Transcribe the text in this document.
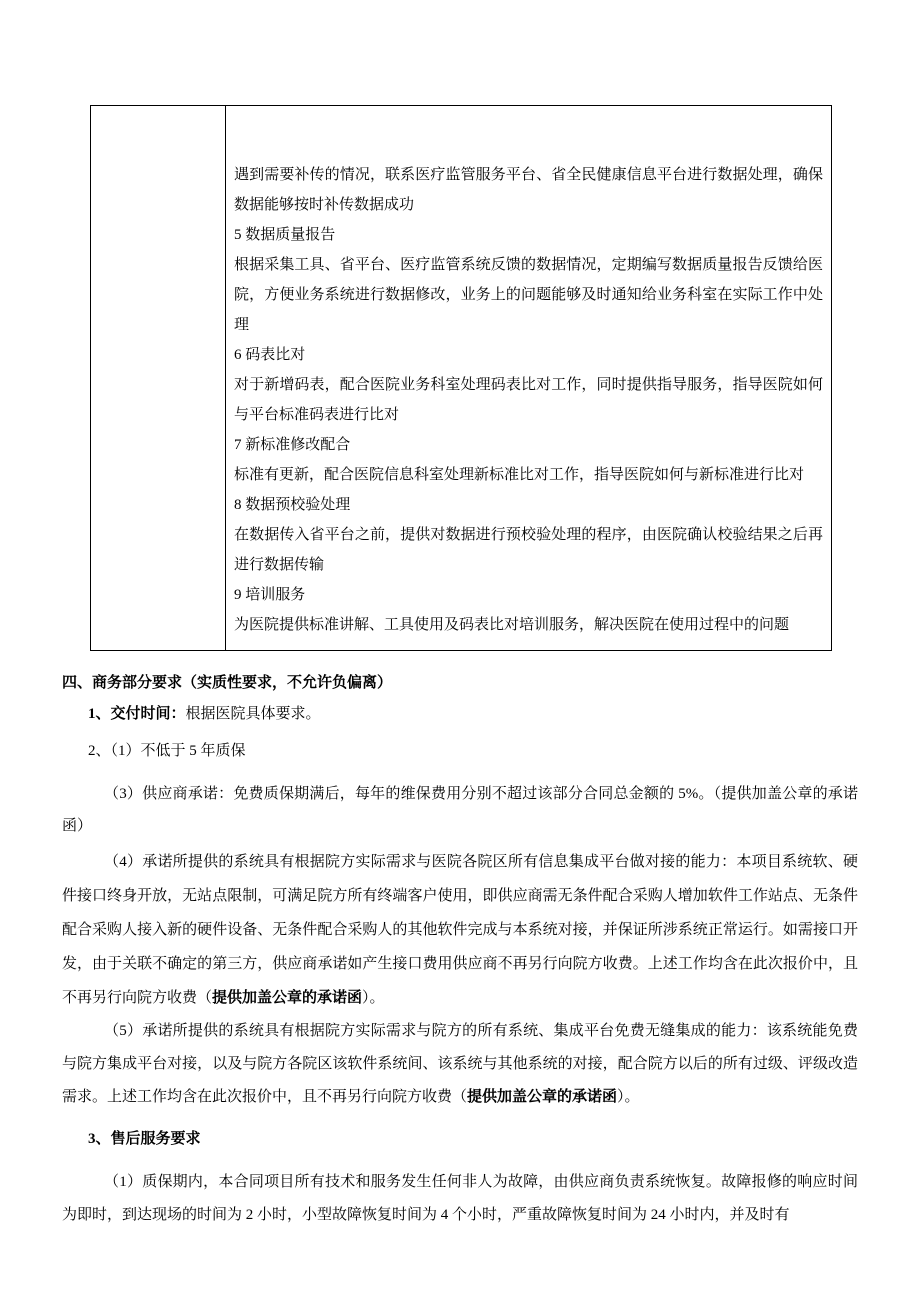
遇到需要补传的情况，联系医疗监管服务平台、省全民健康信息平台进行数据处理，确保数据能够按时补传数据成功

5 数据质量报告

根据采集工具、省平台、医疗监管系统反馈的数据情况，定期编写数据质量报告反馈给医院，方便业务系统进行数据修改，业务上的问题能够及时通知给业务科室在实际工作中处理

6 码表比对

对于新增码表，配合医院业务科室处理码表比对工作，同时提供指导服务，指导医院如何与平台标准码表进行比对

7 新标准修改配合

标准有更新，配合医院信息科室处理新标准比对工作，指导医院如何与新标准进行比对

8 数据预校验处理

在数据传入省平台之前，提供对数据进行预校验处理的程序，由医院确认校验结果之后再进行数据传输

9 培训服务

为医院提供标准讲解、工具使用及码表比对培训服务，解决医院在使用过程中的问题

四、商务部分要求（实质性要求，不允许负偏离）

1、交付时间：根据医院具体要求。

2、（1）不低于 5 年质保

（3）供应商承诺：免费质保期满后，每年的维保费用分别不超过该部分合同总金额的 5%。（提供加盖公章的承诺函）

（4）承诺所提供的系统具有根据院方实际需求与医院各院区所有信息集成平台做对接的能力：本项目系统软、硬件接口终身开放，无站点限制，可满足院方所有终端客户使用，即供应商需无条件配合采购人增加软件工作站点、无条件配合采购人接入新的硬件设备、无条件配合采购人的其他软件完成与本系统对接，并保证所涉系统正常运行。如需接口开发，由于关联不确定的第三方，供应商承诺如产生接口费用供应商不再另行向院方收费。上述工作均含在此次报价中，且不再另行向院方收费（提供加盖公章的承诺函）。

（5）承诺所提供的系统具有根据院方实际需求与院方的所有系统、集成平台免费无缝集成的能力：该系统能免费与院方集成平台对接，以及与院方各院区该软件系统间、该系统与其他系统的对接，配合院方以后的所有过级、评级改造需求。上述工作均含在此次报价中，且不再另行向院方收费（提供加盖公章的承诺函）。

3、售后服务要求

（1）质保期内，本合同项目所有技术和服务发生任何非人为故障，由供应商负责系统恢复。故障报修的响应时间为即时，到达现场的时间为 2 小时，小型故障恢复时间为 4 个小时，严重故障恢复时间为 24 小时内，并及时有
